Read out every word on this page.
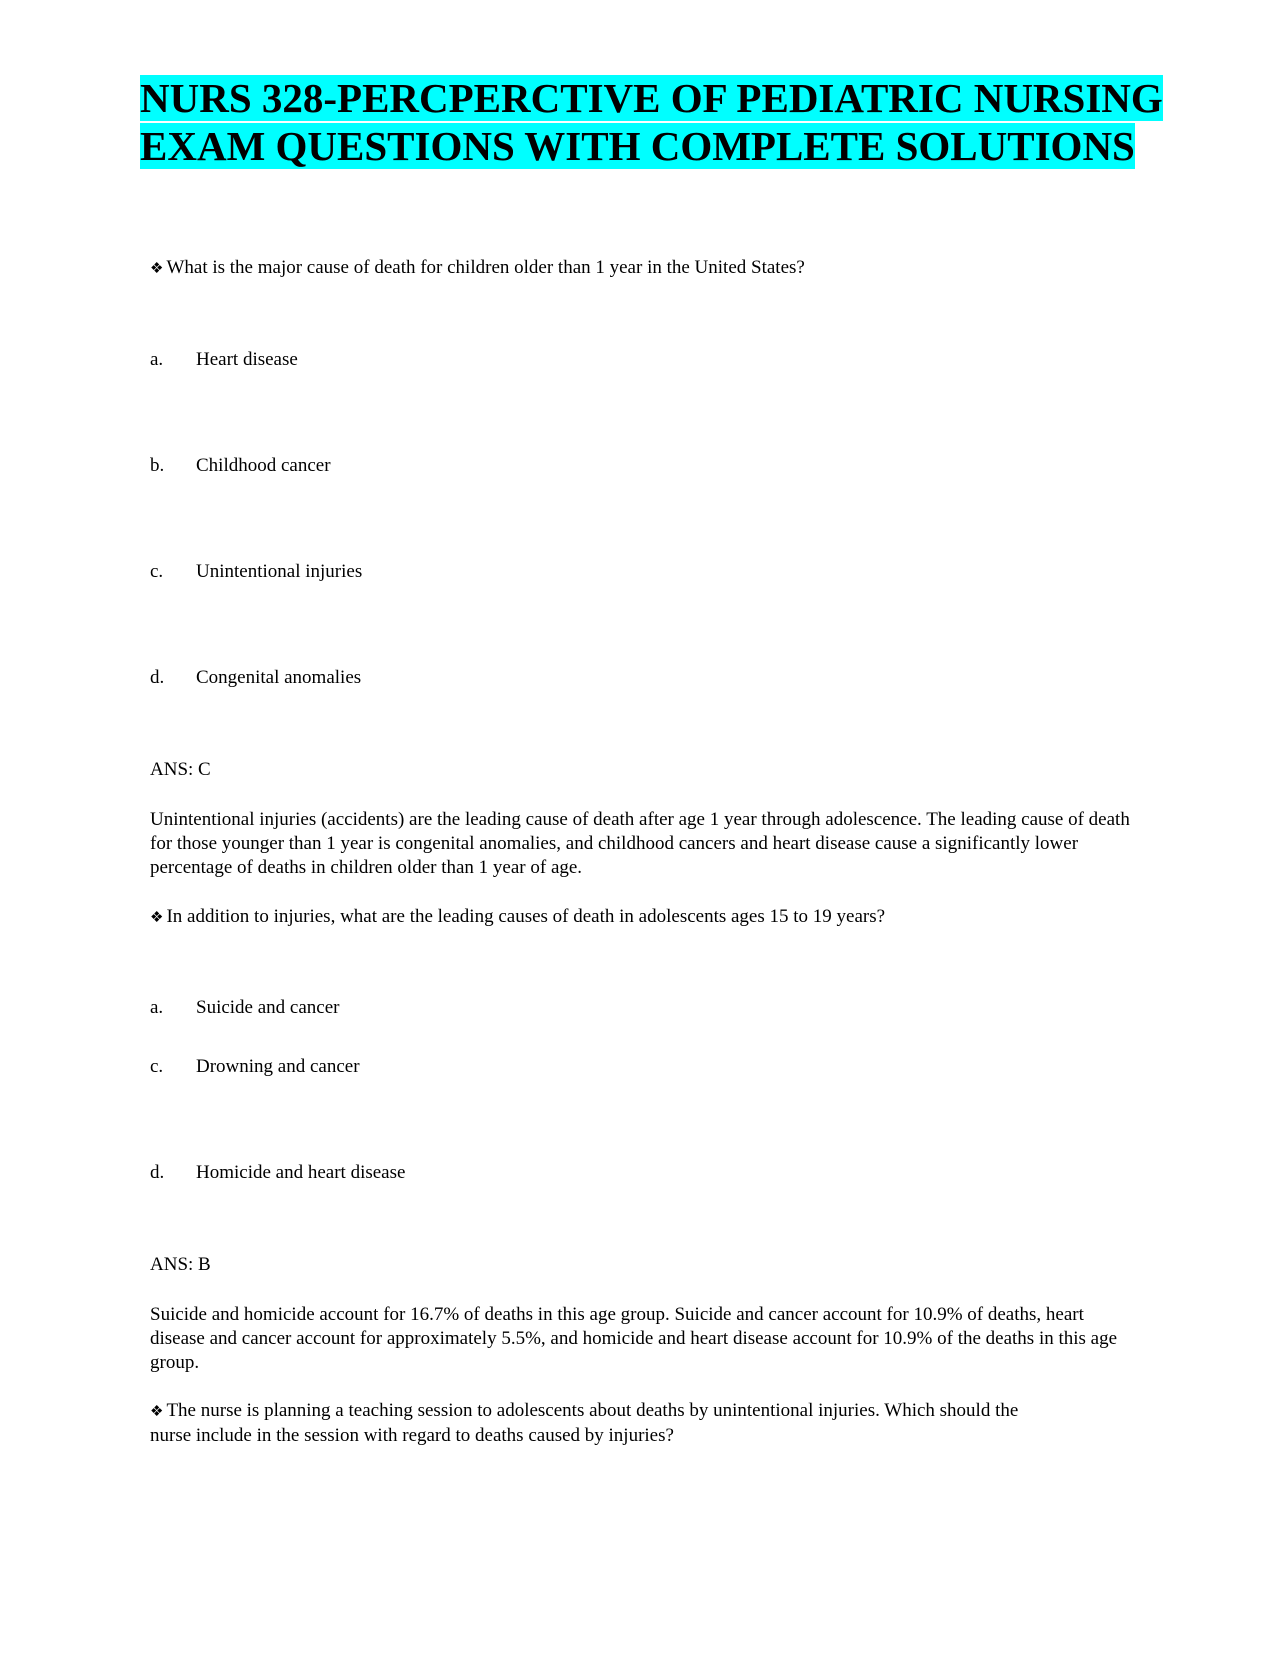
NURS 328-PERCPERCTIVE OF PEDIATRIC NURSING
EXAM QUESTIONS WITH COMPLETE SOLUTIONS
❖ What is the major cause of death for children older than 1 year in the United States?
a. Heart disease
b. Childhood cancer
c. Unintentional injuries
d. Congenital anomalies
ANS: C
Unintentional injuries (accidents) are the leading cause of death after age 1 year through adolescence. The leading cause of death for those younger than 1 year is congenital anomalies, and childhood cancers and heart disease cause a significantly lower percentage of deaths in children older than 1 year of age.
❖ In addition to injuries, what are the leading causes of death in adolescents ages 15 to 19 years?
a. Suicide and cancer
c. Drowning and cancer
d. Homicide and heart disease
ANS: B
Suicide and homicide account for 16.7% of deaths in this age group. Suicide and cancer account for 10.9% of deaths, heart disease and cancer account for approximately 5.5%, and homicide and heart disease account for 10.9% of the deaths in this age group.
❖ The nurse is planning a teaching session to adolescents about deaths by unintentional injuries. Which should the nurse include in the session with regard to deaths caused by injuries?
